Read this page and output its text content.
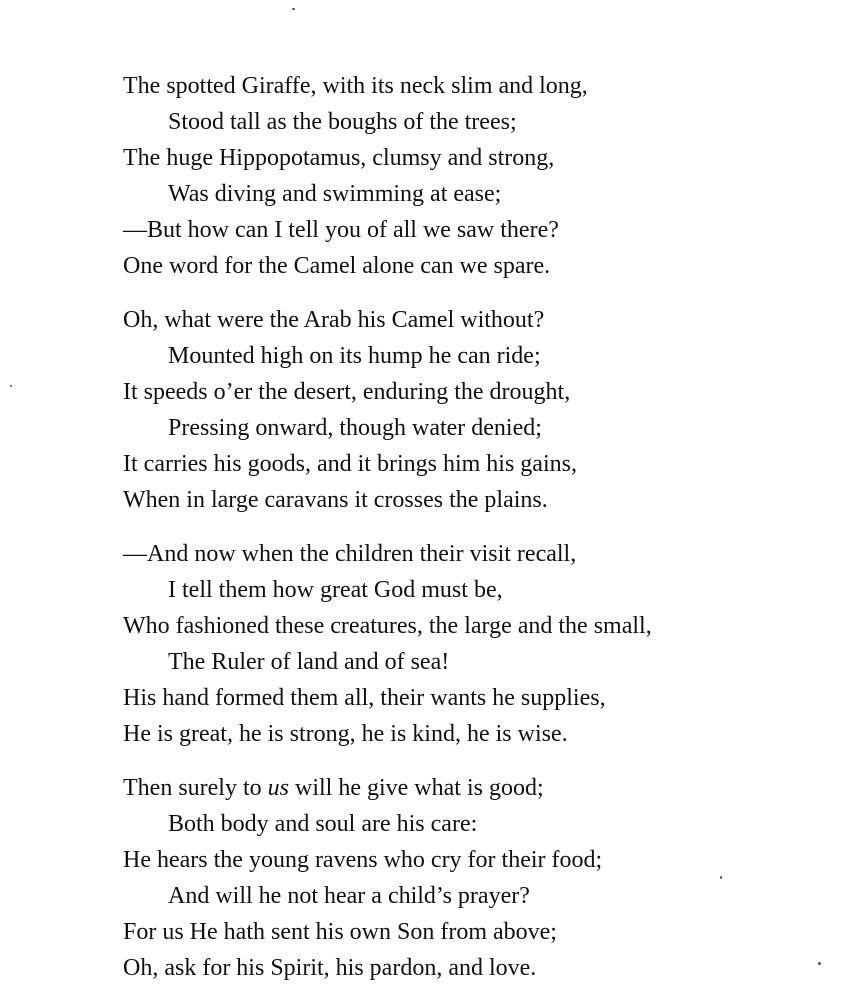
The spotted Giraffe, with its neck slim and long,
Stood tall as the boughs of the trees;
The huge Hippopotamus, clumsy and strong,
Was diving and swimming at ease;
—But how can I tell you of all we saw there?
One word for the Camel alone can we spare.
Oh, what were the Arab his Camel without?
Mounted high on its hump he can ride;
It speeds o’er the desert, enduring the drought,
Pressing onward, though water denied;
It carries his goods, and it brings him his gains,
When in large caravans it crosses the plains.
—And now when the children their visit recall,
I tell them how great God must be,
Who fashioned these creatures, the large and the small,
The Ruler of land and of sea!
His hand formed them all, their wants he supplies,
He is great, he is strong, he is kind, he is wise.
Then surely to us will he give what is good;
Both body and soul are his care:
He hears the young ravens who cry for their food;
And will he not hear a child’s prayer?
For us He hath sent his own Son from above;
Oh, ask for his Spirit, his pardon, and love.
